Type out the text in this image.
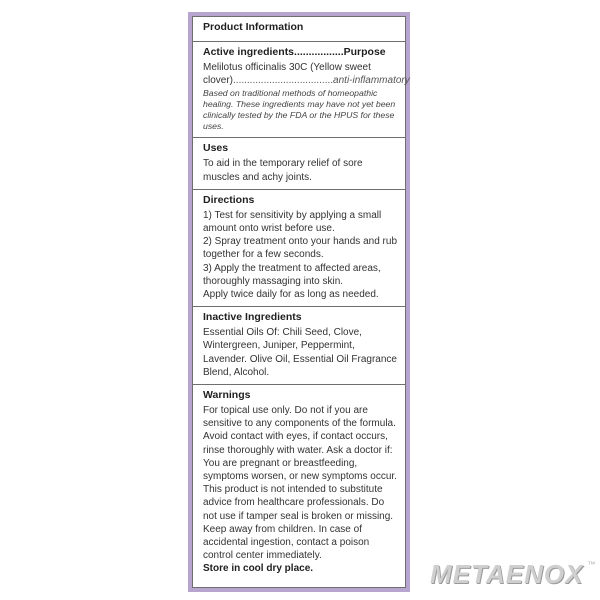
Product Information
Active ingredients.................Purpose
Melilotus officinalis 30C (Yellow sweet
clover)....................................anti-inflammatory
Based on traditional methods of homeopathic healing. These ingredients may have not yet been clinically tested by the FDA or the HPUS for these uses.
Uses
To aid in the temporary relief of sore muscles and achy joints.
Directions
1) Test for sensitivity by applying a small amount onto wrist before use.
2) Spray treatment onto your hands and rub together for a few seconds.
3) Apply the treatment to affected areas, thoroughly massaging into skin.
Apply twice daily for as long as needed.
Inactive Ingredients
Essential Oils Of: Chili Seed, Clove, Wintergreen, Juniper, Peppermint, Lavender. Olive Oil, Essential Oil Fragrance Blend, Alcohol.
Warnings
For topical use only. Do not if you are sensitive to any components of the formula. Avoid contact with eyes, if contact occurs, rinse thoroughly with water. Ask a doctor if: You are pregnant or breastfeeding, symptoms worsen, or new symptoms occur. This product is not intended to substitute advice from healthcare professionals. Do not use if tamper seal is broken or missing. Keep away from children. In case of accidental ingestion, contact a poison control center immediately.
Store in cool dry place.	METAENOX ™
